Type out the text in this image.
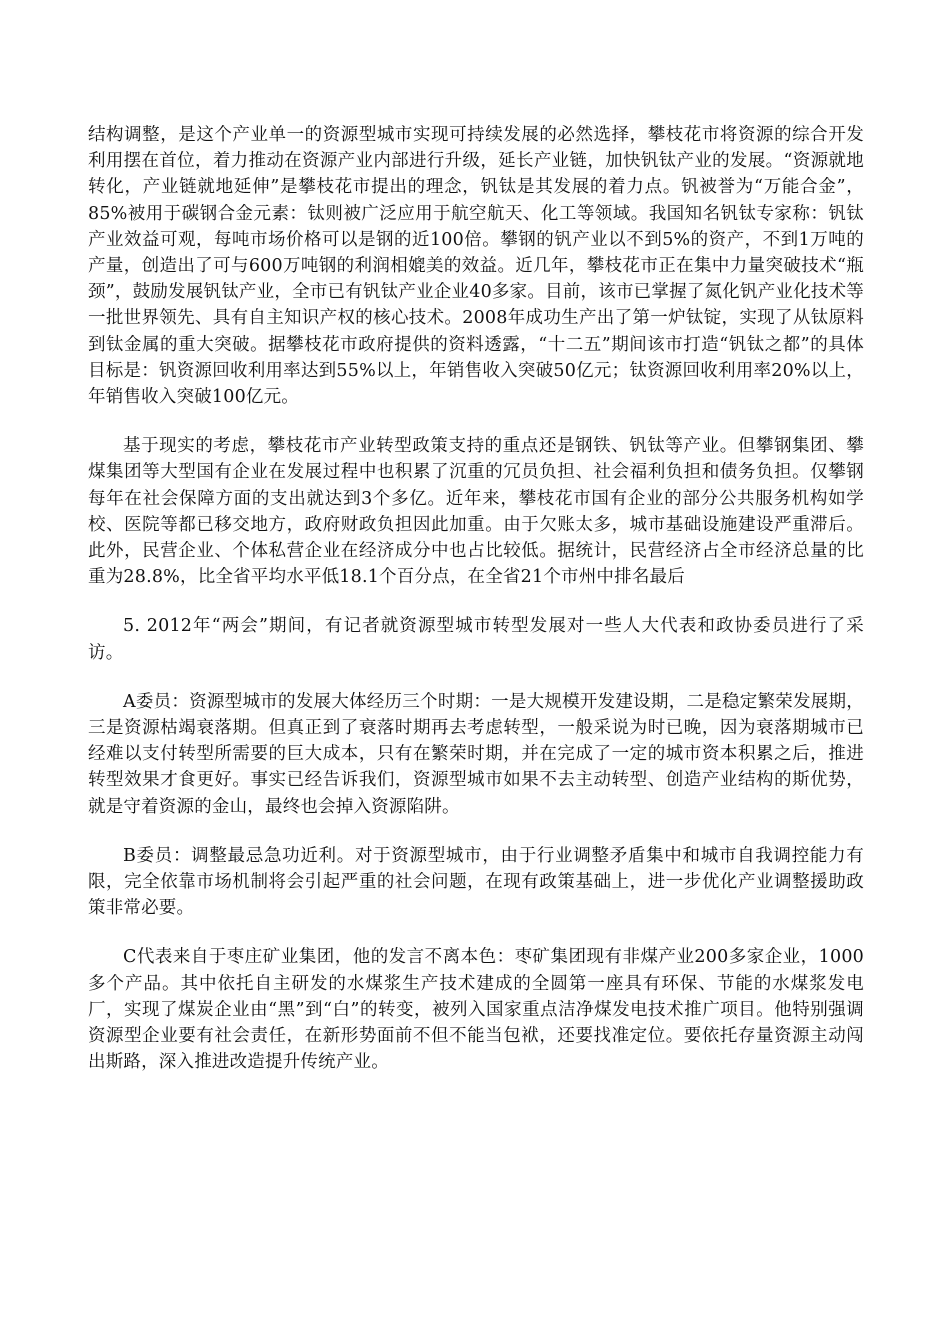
结构调整，是这个产业单一的资源型城市实现可持续发展的必然选择，攀枝花市将资源的综合开发利用摆在首位，着力推动在资源产业内部进行升级，延长产业链，加快钒钛产业的发展。“资源就地转化，产业链就地延伸”是攀枝花市提出的理念，钒钛是其发展的着力点。钒被誉为“万能合金”，85%被用于碳钢合金元素：钛则被广泛应用于航空航天、化工等领域。我国知名钒钛专家称：钒钛产业效益可观，每吨市场价格可以是钢的近100倍。攀钢的钒产业以不到5%的资产，不到1万吨的产量，创造出了可与600万吨钢的利润相媲美的效益。近几年，攀枝花市正在集中力量突破技术“瓶颈”，鼓励发展钒钛产业，全市已有钒钛产业企业40多家。目前，该市已掌握了氮化钒产业化技术等一批世界领先、具有自主知识产权的核心技术。2008年成功生产出了第一炉钛锭，实现了从钛原料到钛金属的重大突破。据攀枝花市政府提供的资料透露，“十二五”期间该市打造“钒钛之都”的具体目标是：钒资源回收利用率达到55%以上，年销售收入突破50亿元；钛资源回收利用率20%以上，年销售收入突破100亿元。

基于现实的考虑，攀枝花市产业转型政策支持的重点还是钢铁、钒钛等产业。但攀钢集团、攀煤集团等大型国有企业在发展过程中也积累了沉重的冗员负担、社会福利负担和债务负担。仅攀钢每年在社会保障方面的支出就达到3个多亿。近年来，攀枝花市国有企业的部分公共服务机构如学校、医院等都已移交地方，政府财政负担因此加重。由于欠账太多，城市基础设施建设严重滞后。此外，民营企业、个体私营企业在经济成分中也占比较低。据统计，民营经济占全市经济总量的比重为28.8%，比全省平均水平低18.1个百分点，在全省21个市州中排名最后

5. 2012年“两会”期间，有记者就资源型城市转型发展对一些人大代表和政协委员进行了采访。

A委员：资源型城市的发展大体经历三个时期：一是大规模开发建设期，二是稳定繁荣发展期，三是资源枯竭衰落期。但真正到了衰落时期再去考虑转型，一般采说为时已晚，因为衰落期城市已经难以支付转型所需要的巨大成本，只有在繁荣时期，并在完成了一定的城市资本积累之后，推进转型效果才食更好。事实已经告诉我们，资源型城市如果不去主动转型、创造产业结构的斯优势，就是守着资源的金山，最终也会掉入资源陷阱。

B委员：调整最忌急功近利。对于资源型城市，由于行业调整矛盾集中和城市自我调控能力有限，完全依靠市场机制将会引起严重的社会问题，在现有政策基础上，进一步优化产业调整援助政策非常必要。

C代表来自于枣庄矿业集团，他的发言不离本色：枣矿集团现有非煤产业200多家企业，1000多个产品。其中依托自主研发的水煤浆生产技术建成的全圆第一座具有环保、节能的水煤浆发电厂，实现了煤炭企业由“黑”到“白”的转变，被列入国家重点洁净煤发电技术推广项目。他特别强调资源型企业要有社会责任，在新形势面前不但不能当包袱，还要找准定位。要依托存量资源主动闯出斯路，深入推进改造提升传统产业。
